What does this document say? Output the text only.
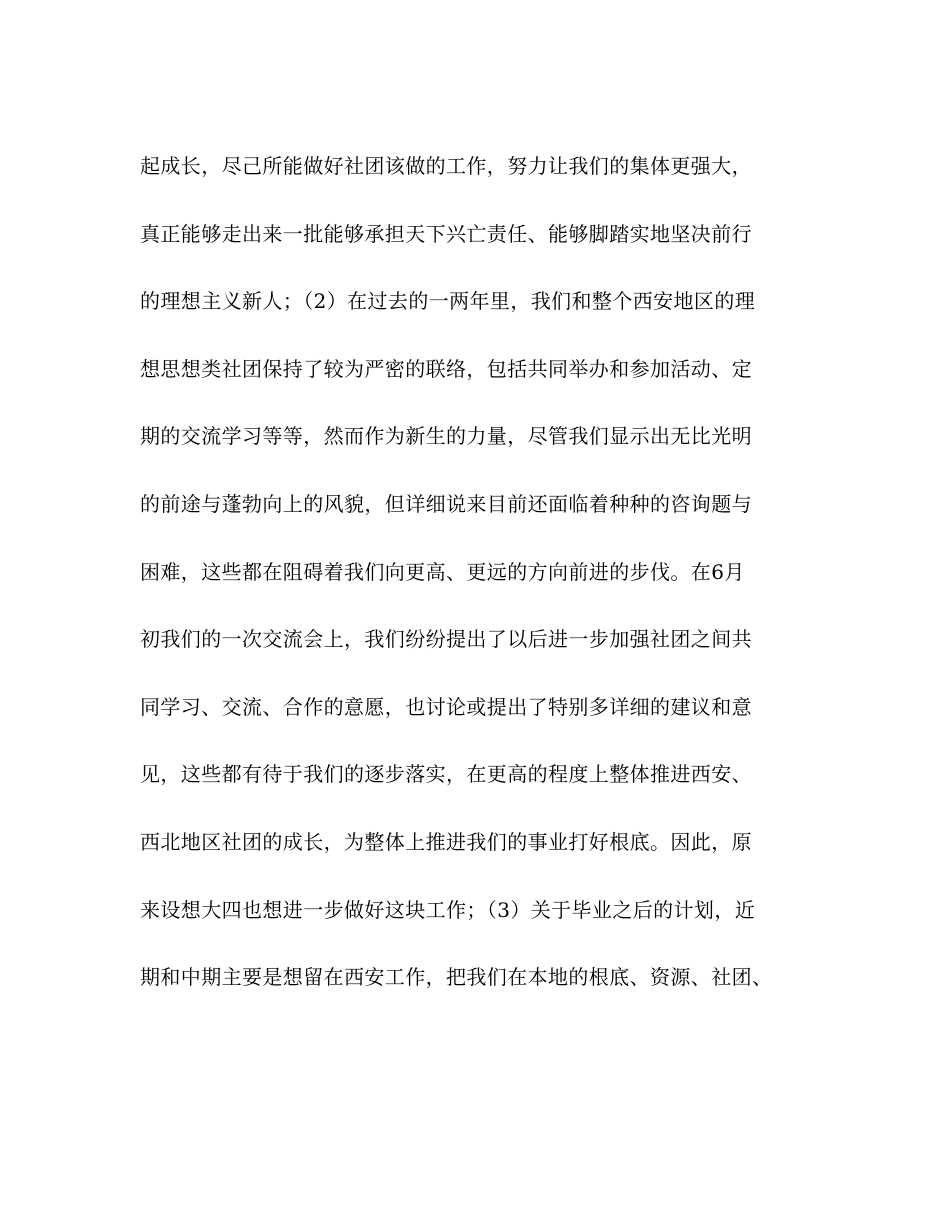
起成长，尽己所能做好社团该做的工作，努力让我们的集体更强大，
真正能够走出来一批能够承担天下兴亡责任、能够脚踏实地坚决前行
的理想主义新人；（2）在过去的一两年里，我们和整个西安地区的理
想思想类社团保持了较为严密的联络，包括共同举办和参加活动、定
期的交流学习等等，然而作为新生的力量，尽管我们显示出无比光明
的前途与蓬勃向上的风貌，但详细说来目前还面临着种种的咨询题与
困难，这些都在阻碍着我们向更高、更远的方向前进的步伐。在6月
初我们的一次交流会上，我们纷纷提出了以后进一步加强社团之间共
同学习、交流、合作的意愿，也讨论或提出了特别多详细的建议和意
见，这些都有待于我们的逐步落实，在更高的程度上整体推进西安、
西北地区社团的成长，为整体上推进我们的事业打好根底。因此，原
来设想大四也想进一步做好这块工作；（3）关于毕业之后的计划，近
期和中期主要是想留在西安工作，把我们在本地的根底、资源、社团、
